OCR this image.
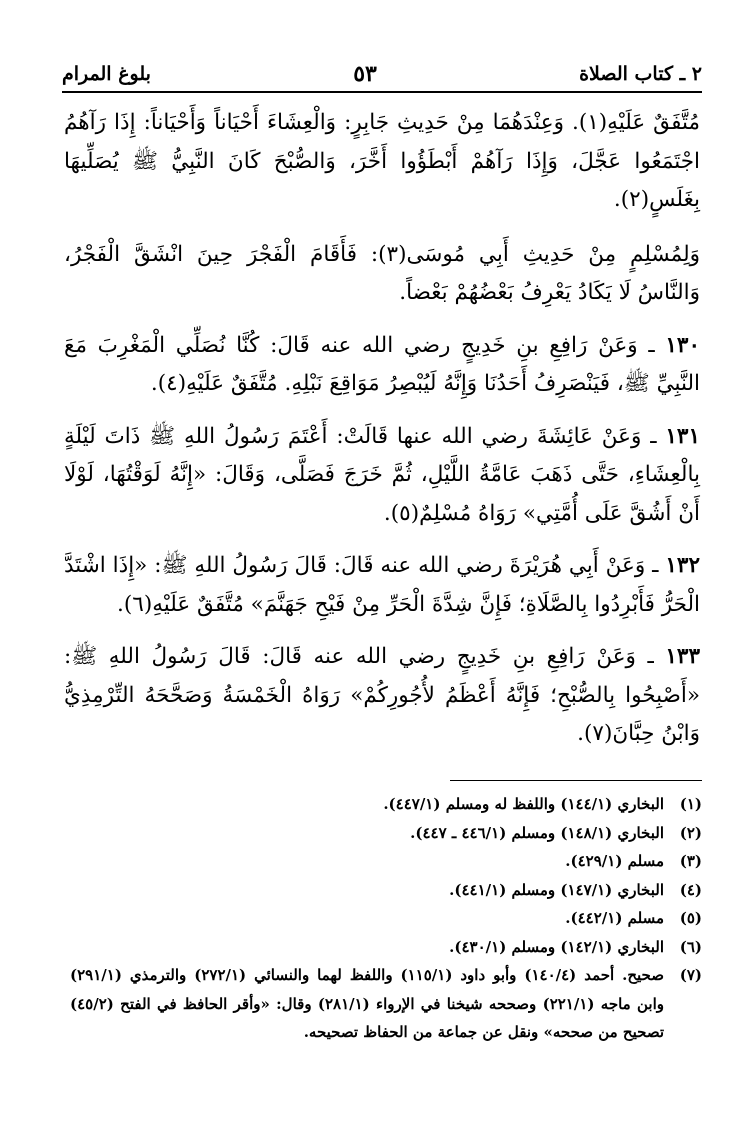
٢ ـ كتاب الصلاة
٥٣
بلوغ المرام

مُتَّفَقٌ عَلَيْهِ(١). وَعِنْدَهُمَا مِنْ حَدِيثِ جَابِرٍ: وَالْعِشَاءَ أَحْيَاناً وَأَحْيَاناً: إِذَا رَآهُمُ اجْتَمَعُوا عَجَّلَ، وَإِذَا رَآهُمْ أَبْطَؤُوا أَخَّرَ، وَالصُّبْحَ كَانَ النَّبِيُّ ﷺ يُصَلِّيهَا بِغَلَسٍ(٢).

وَلِمُسْلِمٍ مِنْ حَدِيثِ أَبِي مُوسَى(٣): فَأَقَامَ الْفَجْرَ حِينَ انْشَقَّ الْفَجْرُ، وَالنَّاسُ لَا يَكَادُ يَعْرِفُ بَعْضُهُمْ بَعْضاً.

١٣٠ ـ وَعَنْ رَافِعِ بنِ خَدِيجٍ رضي الله عنه قَالَ: كُنَّا نُصَلِّي الْمَغْرِبَ مَعَ النَّبِيِّ ﷺ، فَيَنْصَرِفُ أَحَدُنَا وَإِنَّهُ لَيُبْصِرُ مَوَاقِعَ نَبْلِهِ. مُتَّفَقٌ عَلَيْهِ(٤).

١٣١ ـ وَعَنْ عَائِشَةَ رضي الله عنها قَالَتْ: أَعْتَمَ رَسُولُ اللهِ ﷺ ذَاتَ لَيْلَةٍ بِالْعِشَاءِ، حَتَّى ذَهَبَ عَامَّةُ اللَّيْلِ، ثُمَّ خَرَجَ فَصَلَّى، وَقَالَ: «إِنَّهُ لَوَقْتُهَا، لَوْلَا أَنْ أَشُقَّ عَلَى أُمَّتِي» رَوَاهُ مُسْلِمٌ(٥).

١٣٢ ـ وَعَنْ أَبِي هُرَيْرَةَ رضي الله عنه قَالَ: قَالَ رَسُولُ اللهِ ﷺ: «إِذَا اشْتَدَّ الْحَرُّ فَأَبْرِدُوا بِالصَّلَاةِ؛ فَإِنَّ شِدَّةَ الْحَرِّ مِنْ فَيْحِ جَهَنَّمَ» مُتَّفَقٌ عَلَيْهِ(٦).

١٣٣ ـ وَعَنْ رَافِعِ بنِ خَدِيجٍ رضي الله عنه قَالَ: قَالَ رَسُولُ اللهِ ﷺ: «أَصْبِحُوا بِالصُّبْحِ؛ فَإِنَّهُ أَعْظَمُ لأُجُورِكُمْ» رَوَاهُ الْخَمْسَةُ وَصَحَّحَهُ التِّرْمِذِيُّ وَابْنُ حِبَّانَ(٧).

(١)
البخاري (١٤٤/١) واللفظ له ومسلم (٤٤٧/١).
(٢)
البخاري (١٤٨/١) ومسلم (٤٤٦/١ ـ ٤٤٧).
(٣)
مسلم (٤٢٩/١).
(٤)
البخاري (١٤٧/١) ومسلم (٤٤١/١).
(٥)
مسلم (٤٤٢/١).
(٦)
البخاري (١٤٢/١) ومسلم (٤٣٠/١).
(٧)
صحيح. أحمد (١٤٠/٤) وأبو داود (١١٥/١) واللفظ لهما والنسائي (٢٧٢/١) والترمذي (٢٩١/١) وابن ماجه (٢٢١/١) وصححه شيخنا في الإرواء (٢٨١/١) وقال: «وأقر الحافظ في الفتح (٤٥/٢) تصحيح من صححه» ونقل عن جماعة من الحفاظ تصحيحه.
